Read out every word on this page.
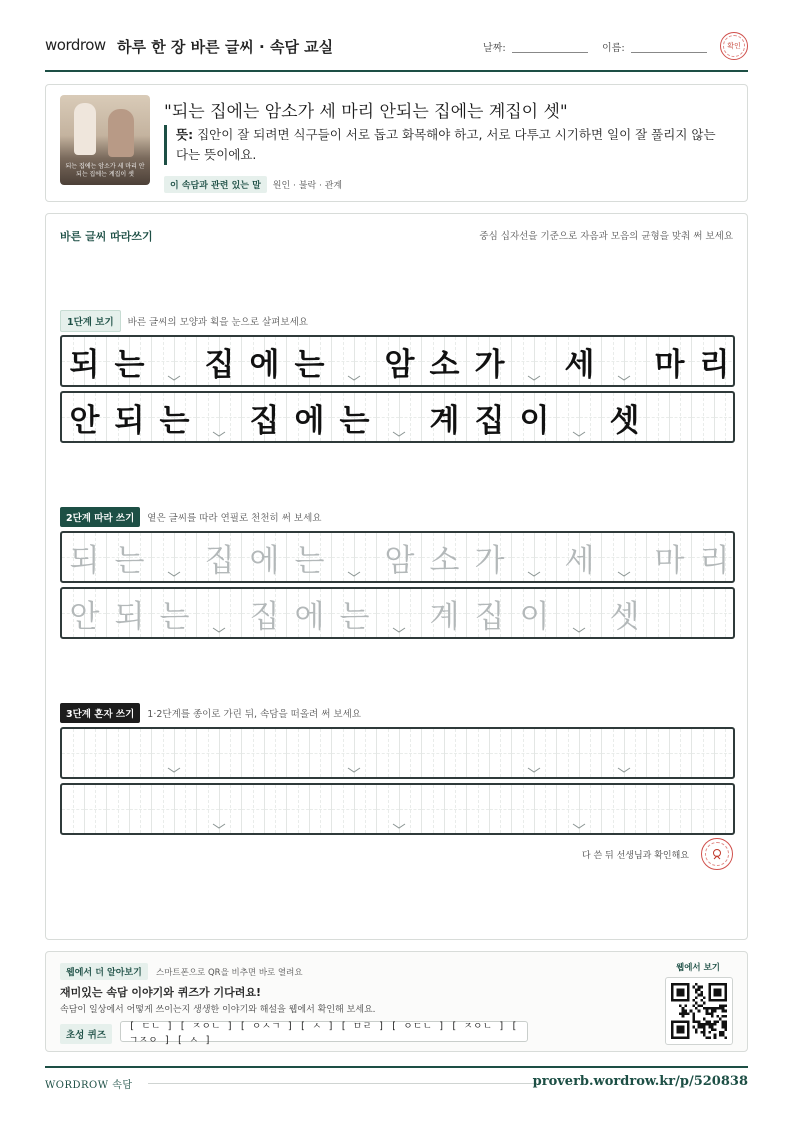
wordrow 하루 한 장 바른 글씨 · 속담 교실	날짜:	이름:	확인
되는 집에는 암소가 세 마리 안되는 집에는 계집이 셋
"되는 집에는 암소가 세 마리 안되는 집에는 계집이 셋"
뜻: 집안이 잘 되려면 식구들이 서로 돕고 화목해야 하고, 서로 다투고 시기하면 일이 잘 풀리지 않는다는 뜻이에요.
이 속담과 관련 있는 말	원인 · 불락 · 관계
바른 글씨 따라쓰기	중심 십자선을 기준으로 자음과 모음의 균형을 맞춰 써 보세요
1단계 보기	바른 글씨의 모양과 획을 눈으로 살펴보세요
되 는 집 에 는 암 소 가 세 마 리
안 되 는 집 에 는 계 집 이 셋
2단계 따라 쓰기	옅은 글씨를 따라 연필로 천천히 써 보세요
되 는 집 에 는 암 소 가 세 마 리
안 되 는 집 에 는 계 집 이 셋
3단계 혼자 쓰기	1·2단계를 종이로 가린 뒤, 속담을 떠올려 써 보세요
다 쓴 뒤 선생님과 확인해요
웹에서 더 알아보기	스마트폰으로 QR을 비추면 바로 열려요
재미있는 속담 이야기와 퀴즈가 기다려요!
속담이 일상에서 어떻게 쓰이는지 생생한 이야기와 해설을 웹에서 확인해 보세요.
초성 퀴즈
[ ㄷㄴ ] [ ㅈㅇㄴ ] [ ㅇㅅㄱ ] [ ㅅ ] [ ㅁㄹ ] [ ㅇㄷㄴ ] [ ㅈㅇㄴ ] [ ㄱㅈㅇ ] [ ㅅ ]
웹에서 보기
WORDROW 속담	proverb.wordrow.kr/p/520838
